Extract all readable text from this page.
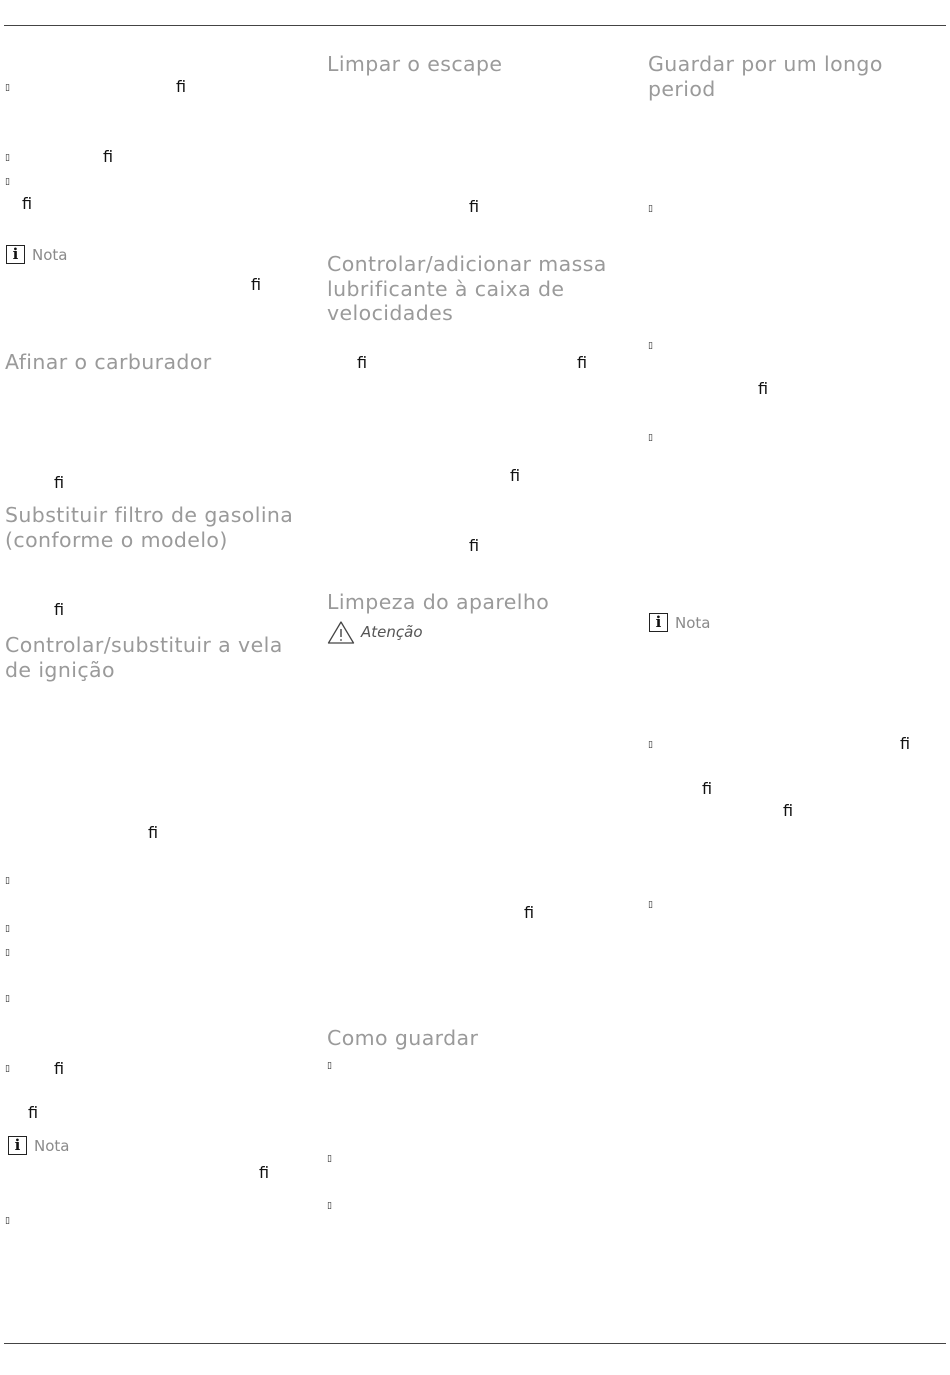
▯	ﬁ
▯	ﬁ
▯
ﬁ
i Nota
ﬁ
Afinar o carburador
ﬁ
Substituir filtro de gasolina (conforme o modelo)
ﬁ
Controlar/substituir a vela de ignição
ﬁ
▯
▯
▯
▯
▯	ﬁ
ﬁ
i Nota
ﬁ
▯
Limpar o escape
ﬁ
Controlar/adicionar massa lubrificante à caixa de velocidades
ﬁ	ﬁ
ﬁ
ﬁ
Limpeza do aparelho
Atenção
ﬁ
Como guardar
▯
▯
▯
Guardar por um longo period
▯
▯
ﬁ
▯
i Nota
▯	ﬁ
ﬁ
ﬁ
▯
